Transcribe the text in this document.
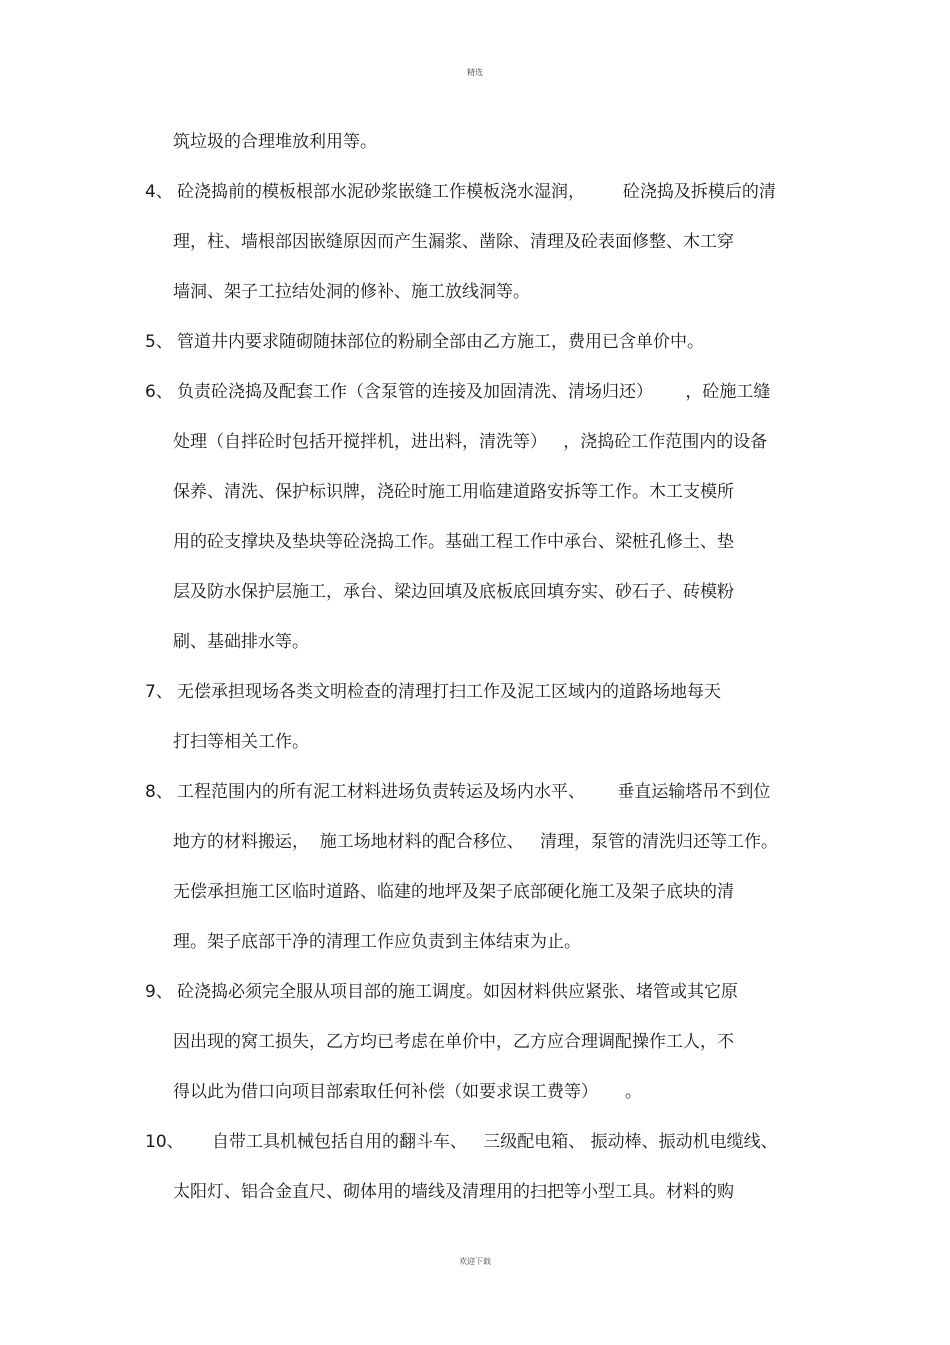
精选
筑垃圾的合理堆放利用等。
4、 砼浇捣前的模板根部水泥砂浆嵌缝工作模板浇水湿润，       砼浇捣及拆模后的清
理，柱、墙根部因嵌缝原因而产生漏浆、凿除、清理及砼表面修整、木工穿
墙洞、架子工拉结处洞的修补、施工放线洞等。
5、 管道井内要求随砌随抹部位的粉刷全部由乙方施工，费用已含单价中。
6、 负责砼浇捣及配套工作（含泵管的连接及加固清洗、清场归还）      ，砼施工缝
处理（自拌砼时包括开搅拌机，进出料，清洗等）   ，浇捣砼工作范围内的设备
保养、清洗、保护标识牌，浇砼时施工用临建道路安拆等工作。木工支模所
用的砼支撑块及垫块等砼浇捣工作。基础工程工作中承台、梁桩孔修土、垫
层及防水保护层施工，承台、梁边回填及底板底回填夯实、砂石子、砖模粉
刷、基础排水等。
7、 无偿承担现场各类文明检查的清理打扫工作及泥工区域内的道路场地每天
打扫等相关工作。
8、 工程范围内的所有泥工材料进场负责转运及场内水平、      垂直运输塔吊不到位
地方的材料搬运，  施工场地材料的配合移位、   清理，泵管的清洗归还等工作。
无偿承担施工区临时道路、临建的地坪及架子底部硬化施工及架子底块的清
理。架子底部干净的清理工作应负责到主体结束为止。
9、 砼浇捣必须完全服从项目部的施工调度。如因材料供应紧张、堵管或其它原
因出现的窝工损失，乙方均已考虑在单价中，乙方应合理调配操作工人，不
得以此为借口向项目部索取任何补偿（如要求误工费等）     。
10、 自带工具机械包括自用的翻斗车、   三级配电箱、 振动棒、振动机电缆线、
太阳灯、铝合金直尺、砌体用的墙线及清理用的扫把等小型工具。材料的购
欢迎下载
